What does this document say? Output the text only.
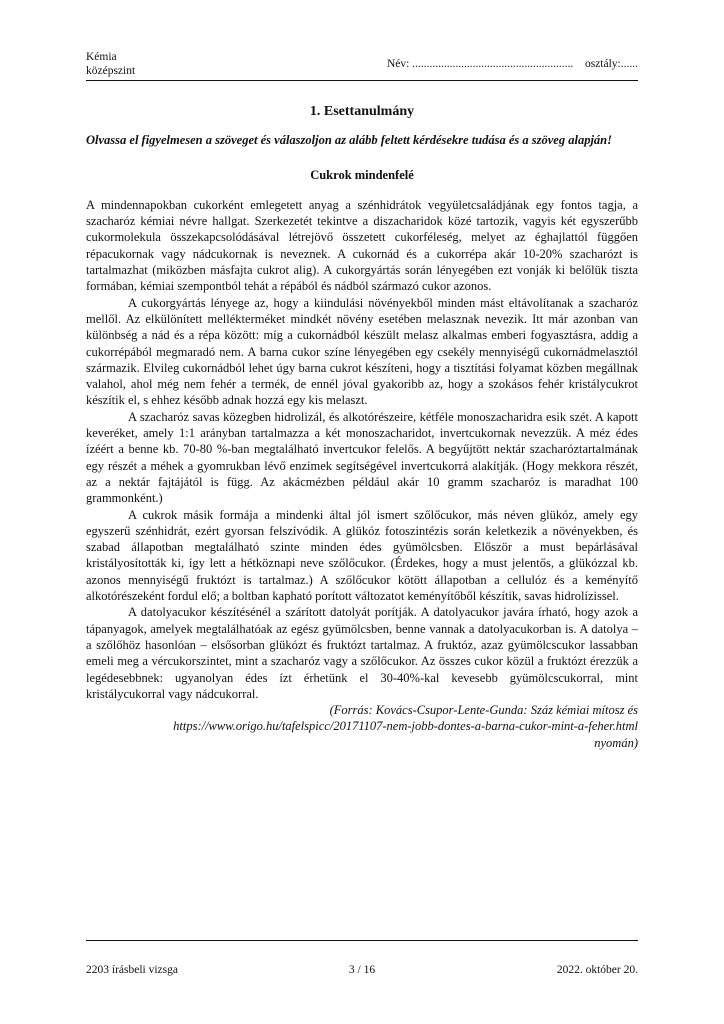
Kémia
középszint
Név: ........................................................ osztály:......
1. Esettanulmány
Olvassa el figyelmesen a szöveget és válaszoljon az alább feltett kérdésekre tudása és a szöveg alapján!
Cukrok mindenfelé

A mindennapokban cukorként emlegetett anyag a szénhidrátok vegyületcsaládjának egy fontos tagja, a szacharóz kémiai névre hallgat. Szerkezetét tekintve a diszacharidok közé tartozik, vagyis két egyszerűbb cukormolekula összekapcsolódásával létrejövő összetett cukorféleség, melyet az éghajlattól függően répacukornak vagy nádcukornak is neveznek. A cukornád és a cukorrépa akár 10-20% szacharózt is tartalmazhat (miközben másfajta cukrot alig). A cukorgyártás során lényegében ezt vonják ki belőlük tiszta formában, kémiai szempontból tehát a répából és nádból származó cukor azonos.

A cukorgyártás lényege az, hogy a kiindulási növényekből minden mást eltávolítanak a szacharóz mellől. Az elkülönített mellékterméket mindkét növény esetében melasznak nevezik. Itt már azonban van különbség a nád és a répa között: míg a cukornádból készült melasz alkalmas emberi fogyasztásra, addig a cukorrépából megmaradó nem. A barna cukor színe lényegében egy csekély mennyiségű cukornádmelasztól származik. Elvileg cukornádból lehet úgy barna cukrot készíteni, hogy a tisztítási folyamat közben megállnak valahol, ahol még nem fehér a termék, de ennél jóval gyakoribb az, hogy a szokásos fehér kristálycukrot készítik el, s ehhez később adnak hozzá egy kis melaszt.

A szacharóz savas közegben hidrolizál, és alkotórészeire, kétféle monoszacharidra esik szét. A kapott keveréket, amely 1:1 arányban tartalmazza a két monoszacharidot, invertcukornak nevezzük. A méz édes ízéért a benne kb. 70-80 %-ban megtalálható invertcukor felelős. A begyűjtött nektár szacharóztartalmának egy részét a méhek a gyomrukban lévő enzimek segítségével invertcukorrá alakítják. (Hogy mekkora részét, az a nektár fajtájától is függ. Az akácmézben például akár 10 gramm szacharóz is maradhat 100 grammonként.)

A cukrok másik formája a mindenki által jól ismert szőlőcukor, más néven glükóz, amely egy egyszerű szénhidrát, ezért gyorsan felszívódik. A glükóz fotoszintézis során keletkezik a növényekben, és szabad állapotban megtalálható szinte minden édes gyümölcsben. Először a must bepárlásával kristályosították ki, így lett a hétköznapi neve szőlőcukor. (Érdekes, hogy a must jelentős, a glükózzal kb. azonos mennyiségű fruktózt is tartalmaz.) A szőlőcukor kötött állapotban a cellulóz és a keményítő alkotórészeként fordul elő; a boltban kapható porított változatot keményítőből készítik, savas hidrolízissel.

A datolyacukor készítésénél a szárított datolyát porítják. A datolyacukor javára írható, hogy azok a tápanyagok, amelyek megtalálhatóak az egész gyümölcsben, benne vannak a datolyacukorban is. A datolya – a szőlőhöz hasonlóan – elsősorban glükózt és fruktózt tartalmaz. A fruktóz, azaz gyümölcscukor lassabban emeli meg a vércukorszintet, mint a szacharóz vagy a szőlőcukor. Az összes cukor közül a fruktózt érezzük a legédesebbnek: ugyanolyan édes ízt érhetünk el 30-40%-kal kevesebb gyümölcscukorral, mint kristálycukorral vagy nádcukorral.

(Forrás: Kovács-Csupor-Lente-Gunda: Száz kémiai mítosz és

https://www.origo.hu/tafelspicc/20171107-nem-jobb-dontes-a-barna-cukor-mint-a-feher.html

nyomán)

2203 írásbeli vizsga	3 / 16	2022. október 20.
